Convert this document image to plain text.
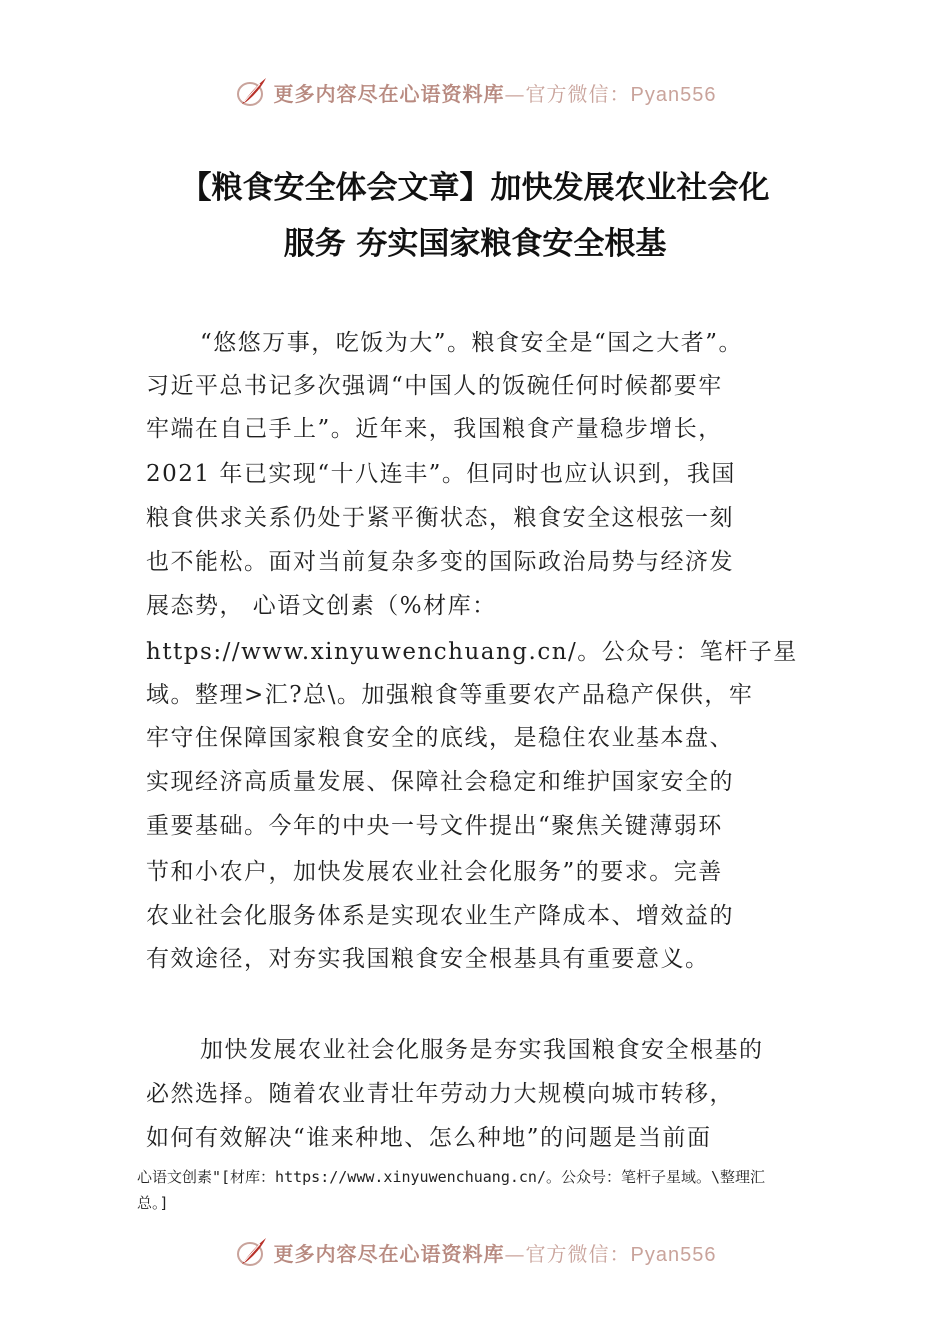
更多内容尽在心语资料库—官方微信：Pyan556
【粮食安全体会文章】加快发展农业社会化
服务 夯实国家粮食安全根基
“悠悠万事，吃饭为大”。粮食安全是“国之大者”。
习近平总书记多次强调“中国人的饭碗任何时候都要牢
牢端在自己手上”。近年来，我国粮食产量稳步增长，
2021 年已实现“十八连丰”。但同时也应认识到，我国
粮食供求关系仍处于紧平衡状态，粮食安全这根弦一刻
也不能松。面对当前复杂多变的国际政治局势与经济发
展态势， 心语文创素（%材库：
https://www.xinyuwenchuang.cn/。公众号：笔杆子星
域。整理>汇?总\。加强粮食等重要农产品稳产保供，牢
牢守住保障国家粮食安全的底线，是稳住农业基本盘、
实现经济高质量发展、保障社会稳定和维护国家安全的
重要基础。今年的中央一号文件提出“聚焦关键薄弱环
节和小农户，加快发展农业社会化服务”的要求。完善
农业社会化服务体系是实现农业生产降成本、增效益的
有效途径，对夯实我国粮食安全根基具有重要意义。
加快发展农业社会化服务是夯实我国粮食安全根基的
必然选择。随着农业青壮年劳动力大规模向城市转移，
如何有效解决“谁来种地、怎么种地”的问题是当前面
心语文创素"[材库：https://www.xinyuwenchuang.cn/。公众号：笔杆子星域。\整理汇
总。]
更多内容尽在心语资料库—官方微信：Pyan556
